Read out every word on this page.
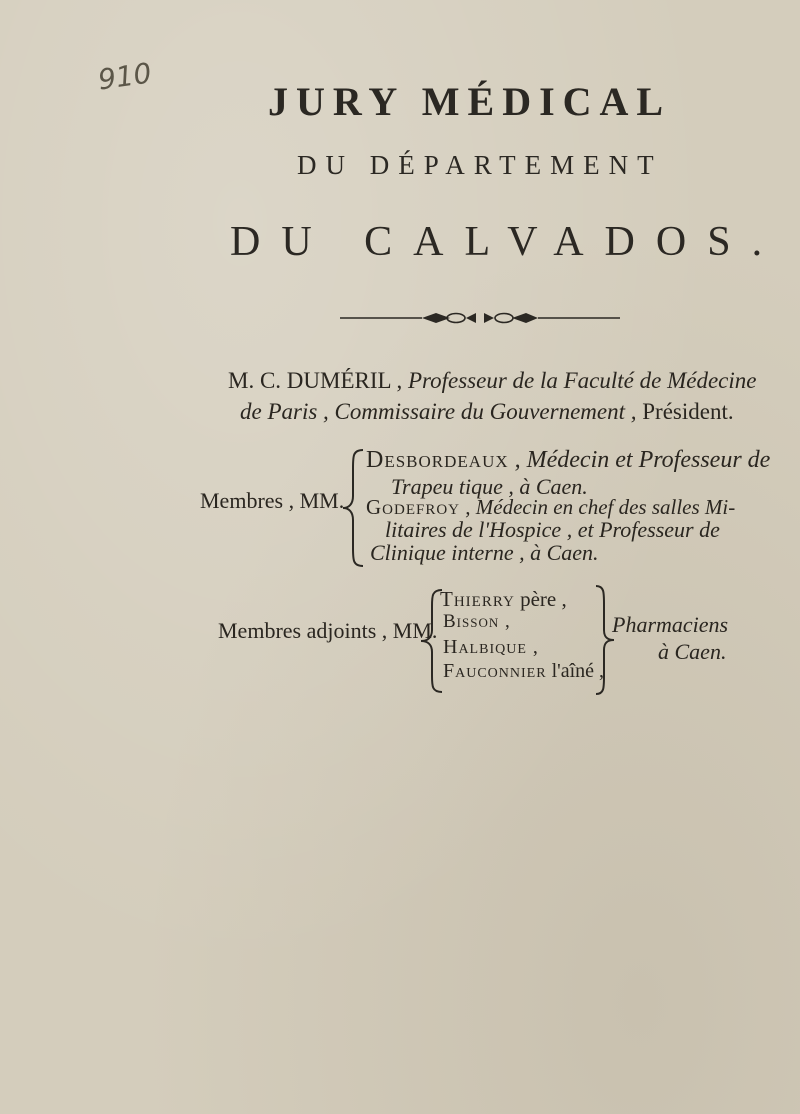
910
JURY MÉDICAL
DU DÉPARTEMENT
DU CALVADOS.
M. C. DUMÉRIL , Professeur de la Faculté de Médecine
de Paris , Commissaire du Gouvernement , Président.
Membres , MM.
Desbordeaux , Médecin et Professeur de
Trapeu tique , à Caen.
Godefroy , Médecin en chef des salles Mi-
litaires de l'Hospice , et Professeur de
Clinique interne , à Caen.
Membres adjoints , MM.
Thierry père ,
Bisson ,
Halbique ,
Fauconnier l'aîné ,
Pharmaciens
à Caen.
